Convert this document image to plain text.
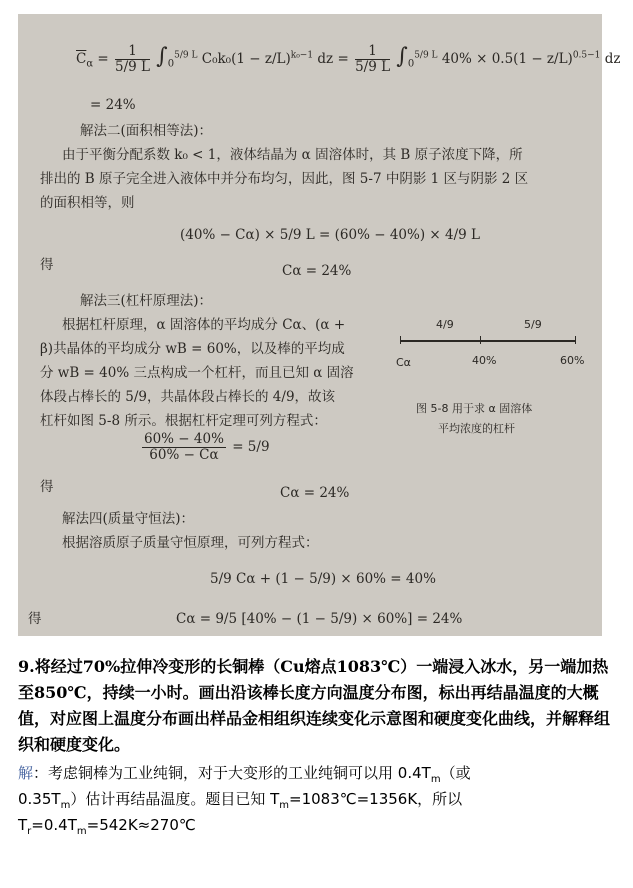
$\overline{C}_\alpha = \frac{1}{5/9 L} \int_0^{5/9 L}$ $C_0k_0(1 - z/L)^{k_0-1}$ dz = $\frac{1}{5/9 L} \int_0^{5/9 L}$ $40\% \times 0.5(1 - z/L)^{0.5-1}$ dz
= 24%
解法二(面积相等法)：
由于平衡分配系数 k₀ < 1，液体结晶为 α 固溶体时，其 B 原子浓度下降，所
排出的 B 原子完全进入液体中并分布均匀，因此，图 5-7 中阴影 1 区与阴影 2 区
的面积相等，则
(40% − Cα) × 5/9 L = (60% − 40%) × 4/9 L
得	Cα = 24%
解法三(杠杆原理法)：
根据杠杆原理，α 固溶体的平均成分 Cα、(α +
β)共晶体的平均成分 wB = 60%，以及棒的平均成
分 wB = 40% 三点构成一个杠杆，而且已知 α 固溶
体段占棒长的 5/9，共晶体段占棒长的 4/9，故该
杠杆如图 5-8 所示。根据杠杆定理可列方程式：
4/9	5/9
Cα	40%	60%
图 5-8 用于求 α 固溶体
平均浓度的杠杆
$\frac{60\% - 40\%}{60\% - C\alpha} = 5/9$
得	Cα = 24%
解法四(质量守恒法)：
根据溶质原子质量守恒原理，可列方程式：
5/9 Cα + (1 − 5/9) × 60% = 40%
得	Cα = 9/5 [40% − (1 − 5/9) × 60%] = 24%
9.将经过70%拉伸冷变形的长铜棒（Cu熔点1083℃）一端浸入冰水，另一端加热至850℃，持续一小时。画出沿该棒长度方向温度分布图，标出再结晶温度的大概值，对应图上温度分布画出样品金相组织连续变化示意图和硬度变化曲线，并解释组织和硬度变化。
解：考虑铜棒为工业纯铜，对于大变形的工业纯铜可以用 $0.4T_m$（或
$0.35T_m$）估计再结晶温度。题目已知 $T_m=1083℃=1356K$，所以
$T_r=0.4T_m=542K\approx 270℃$
